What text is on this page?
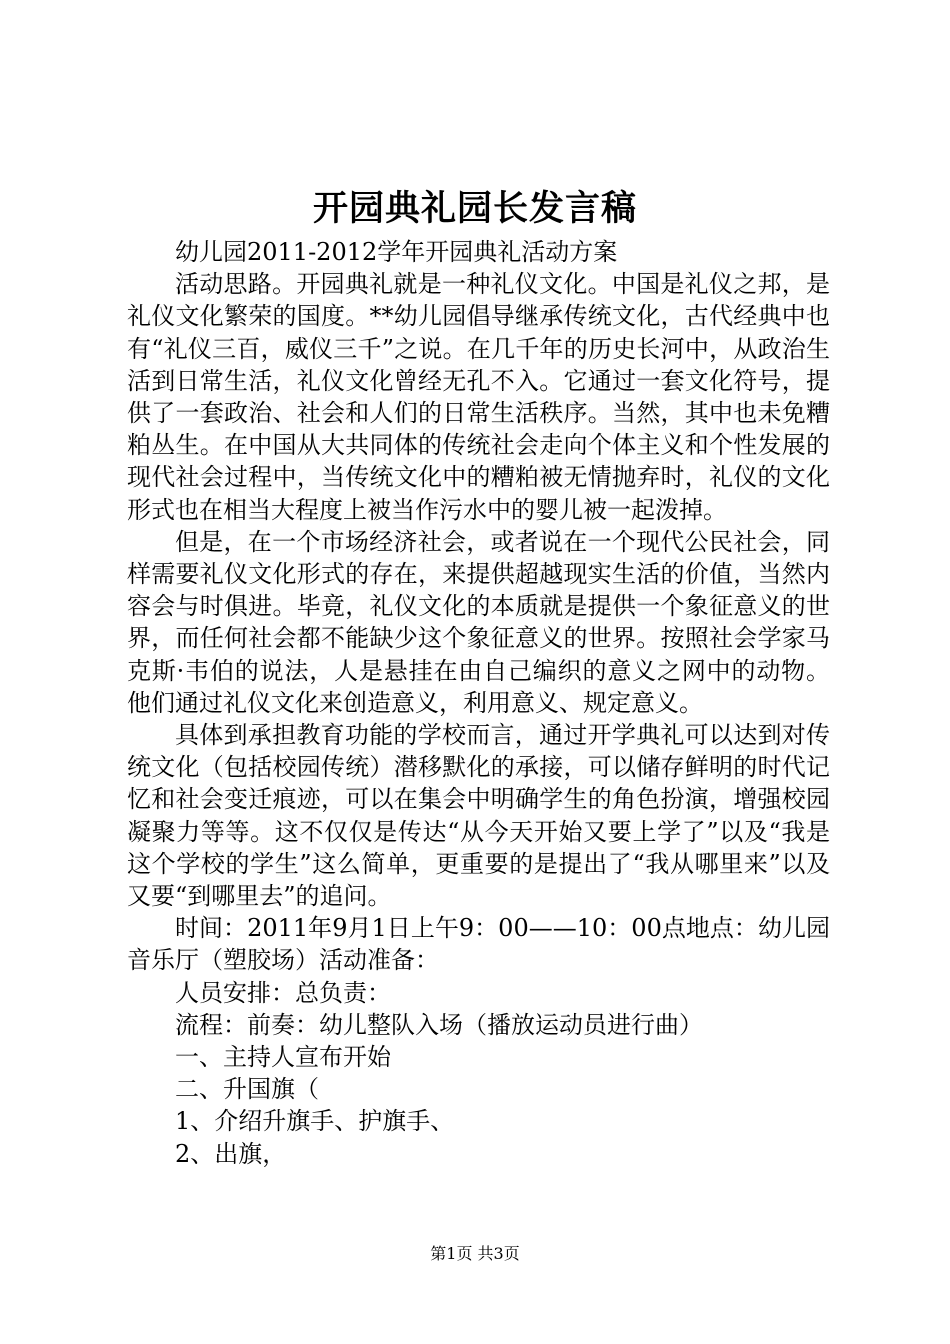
开园典礼园长发言稿

幼儿园2011-2012学年开园典礼活动方案

活动思路。开园典礼就是一种礼仪文化。中国是礼仪之邦，是礼仪文化繁荣的国度。**幼儿园倡导继承传统文化，古代经典中也有“礼仪三百，威仪三千”之说。在几千年的历史长河中，从政治生活到日常生活，礼仪文化曾经无孔不入。它通过一套文化符号，提供了一套政治、社会和人们的日常生活秩序。当然，其中也未免糟粕丛生。在中国从大共同体的传统社会走向个体主义和个性发展的现代社会过程中，当传统文化中的糟粕被无情抛弃时，礼仪的文化形式也在相当大程度上被当作污水中的婴儿被一起泼掉。

但是，在一个市场经济社会，或者说在一个现代公民社会，同样需要礼仪文化形式的存在，来提供超越现实生活的价值，当然内容会与时俱进。毕竟，礼仪文化的本质就是提供一个象征意义的世界，而任何社会都不能缺少这个象征意义的世界。按照社会学家马克斯·韦伯的说法，人是悬挂在由自己编织的意义之网中的动物。他们通过礼仪文化来创造意义，利用意义、规定意义。

具体到承担教育功能的学校而言，通过开学典礼可以达到对传统文化（包括校园传统）潜移默化的承接，可以储存鲜明的时代记忆和社会变迁痕迹，可以在集会中明确学生的角色扮演，增强校园凝聚力等等。这不仅仅是传达“从今天开始又要上学了”以及“我是这个学校的学生”这么简单，更重要的是提出了“我从哪里来”以及又要“到哪里去”的追问。

时间：2011年9月1日上午9：00——10：00点地点：幼儿园音乐厅（塑胶场）活动准备：

人员安排：总负责：

流程：前奏：幼儿整队入场（播放运动员进行曲）

一、主持人宣布开始

二、升国旗（

1、介绍升旗手、护旗手、

2、出旗，

第1页 共3页
